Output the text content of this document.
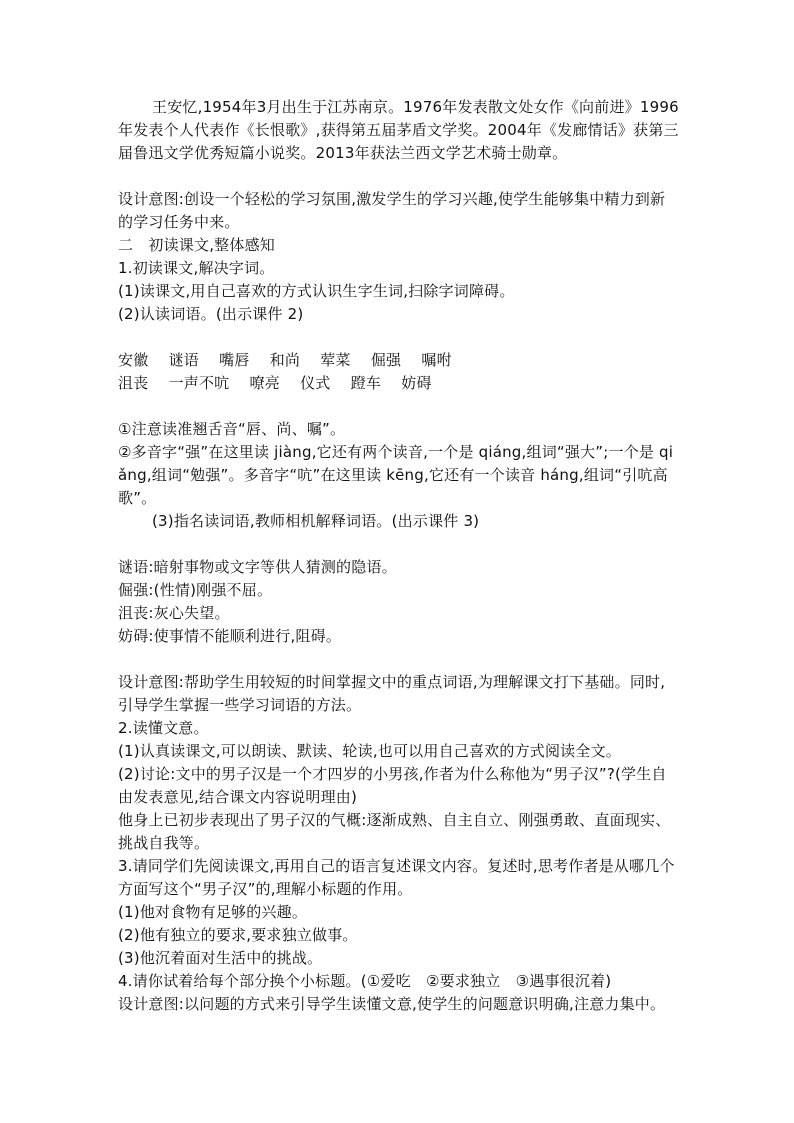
王安忆,1954年3月出生于江苏南京。1976年发表散文处女作《向前进》1996年发表个人代表作《长恨歌》,获得第五届茅盾文学奖。2004年《发廊情话》获第三届鲁迅文学优秀短篇小说奖。2013年获法兰西文学艺术骑士勋章。

设计意图:创设一个轻松的学习氛围,激发学生的学习兴趣,使学生能够集中精力到新的学习任务中来。

二　初读课文,整体感知

1.初读课文,解决字词。

(1)读课文,用自己喜欢的方式认识生字生词,扫除字词障碍。

(2)认读词语。(出示课件 2)

安徽　 谜语　 嘴唇　 和尚　 荤菜　 倔强　 嘱咐

沮丧　 一声不吭　 嘹亮　 仪式　 蹬车　 妨碍

①注意读准翘舌音“唇、尚、嘱”。

②多音字“强”在这里读 jiàng,它还有两个读音,一个是 qiáng,组词“强大”;一个是 qiǎng,组词“勉强”。多音字“吭”在这里读 kēng,它还有一个读音 háng,组词“引吭高歌”。

(3)指名读词语,教师相机解释词语。(出示课件 3)

谜语:暗射事物或文字等供人猜测的隐语。

倔强:(性情)刚强不屈。

沮丧:灰心失望。

妨碍:使事情不能顺利进行,阻碍。

设计意图:帮助学生用较短的时间掌握文中的重点词语,为理解课文打下基础。同时,引导学生掌握一些学习词语的方法。

2.读懂文意。

(1)认真读课文,可以朗读、默读、轮读,也可以用自己喜欢的方式阅读全文。

(2)讨论:文中的男子汉是一个才四岁的小男孩,作者为什么称他为“男子汉”?(学生自由发表意见,结合课文内容说明理由)

他身上已初步表现出了男子汉的气概:逐渐成熟、自主自立、刚强勇敢、直面现实、挑战自我等。

3.请同学们先阅读课文,再用自己的语言复述课文内容。复述时,思考作者是从哪几个方面写这个“男子汉”的,理解小标题的作用。

(1)他对食物有足够的兴趣。

(2)他有独立的要求,要求独立做事。

(3)他沉着面对生活中的挑战。

4.请你试着给每个部分换个小标题。(①爱吃　②要求独立　③遇事很沉着)

设计意图:以问题的方式来引导学生读懂文意,使学生的问题意识明确,注意力集中。
